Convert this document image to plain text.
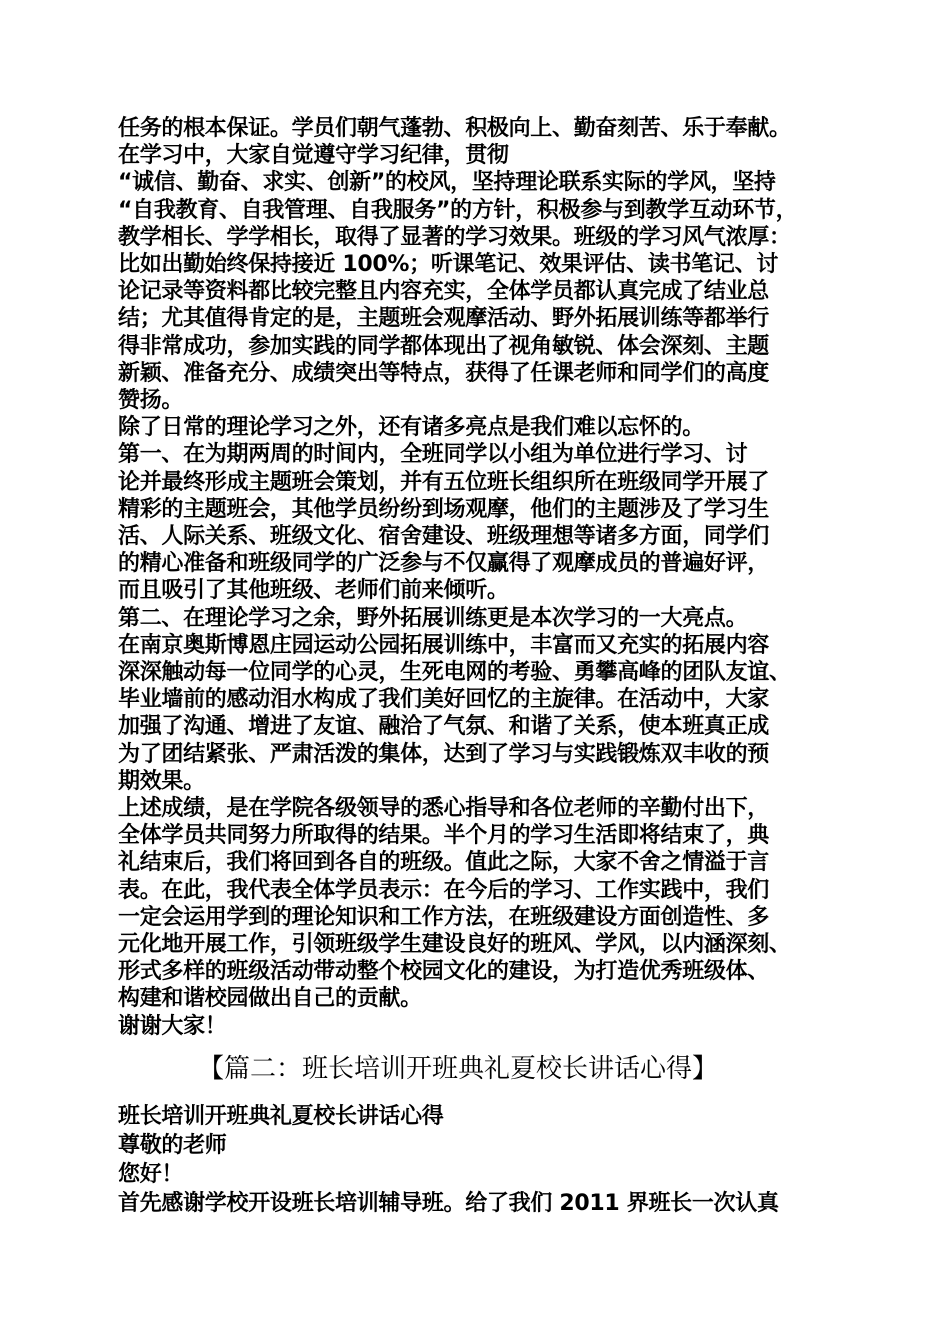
任务的根本保证。学员们朝气蓬勃、积极向上、勤奋刻苦、乐于奉献。
在学习中，大家自觉遵守学习纪律，贯彻
“诚信、勤奋、求实、创新”的校风，坚持理论联系实际的学风，坚持
“自我教育、自我管理、自我服务”的方针，积极参与到教学互动环节，
教学相长、学学相长，取得了显著的学习效果。班级的学习风气浓厚：
比如出勤始终保持接近 100%；听课笔记、效果评估、读书笔记、讨
论记录等资料都比较完整且内容充实，全体学员都认真完成了结业总
结；尤其值得肯定的是，主题班会观摩活动、野外拓展训练等都举行
得非常成功，参加实践的同学都体现出了视角敏锐、体会深刻、主题
新颖、准备充分、成绩突出等特点，获得了任课老师和同学们的高度
赞扬。
除了日常的理论学习之外，还有诸多亮点是我们难以忘怀的。
第一、在为期两周的时间内，全班同学以小组为单位进行学习、讨
论并最终形成主题班会策划，并有五位班长组织所在班级同学开展了
精彩的主题班会，其他学员纷纷到场观摩，他们的主题涉及了学习生
活、人际关系、班级文化、宿舍建设、班级理想等诸多方面，同学们
的精心准备和班级同学的广泛参与不仅赢得了观摩成员的普遍好评，
而且吸引了其他班级、老师们前来倾听。
第二、在理论学习之余，野外拓展训练更是本次学习的一大亮点。
在南京奥斯博恩庄园运动公园拓展训练中，丰富而又充实的拓展内容
深深触动每一位同学的心灵，生死电网的考验、勇攀高峰的团队友谊、
毕业墙前的感动泪水构成了我们美好回忆的主旋律。在活动中，大家
加强了沟通、增进了友谊、融洽了气氛、和谐了关系，使本班真正成
为了团结紧张、严肃活泼的集体，达到了学习与实践锻炼双丰收的预
期效果。
上述成绩，是在学院各级领导的悉心指导和各位老师的辛勤付出下，
全体学员共同努力所取得的结果。半个月的学习生活即将结束了，典
礼结束后，我们将回到各自的班级。值此之际，大家不舍之情溢于言
表。在此，我代表全体学员表示：在今后的学习、工作实践中，我们
一定会运用学到的理论知识和工作方法，在班级建设方面创造性、多
元化地开展工作，引领班级学生建设良好的班风、学风，以内涵深刻、
形式多样的班级活动带动整个校园文化的建设，为打造优秀班级体、
构建和谐校园做出自己的贡献。
谢谢大家！
【篇二：班长培训开班典礼夏校长讲话心得】
班长培训开班典礼夏校长讲话心得
尊敬的老师
您好！
首先感谢学校开设班长培训辅导班。给了我们 2011 界班长一次认真
